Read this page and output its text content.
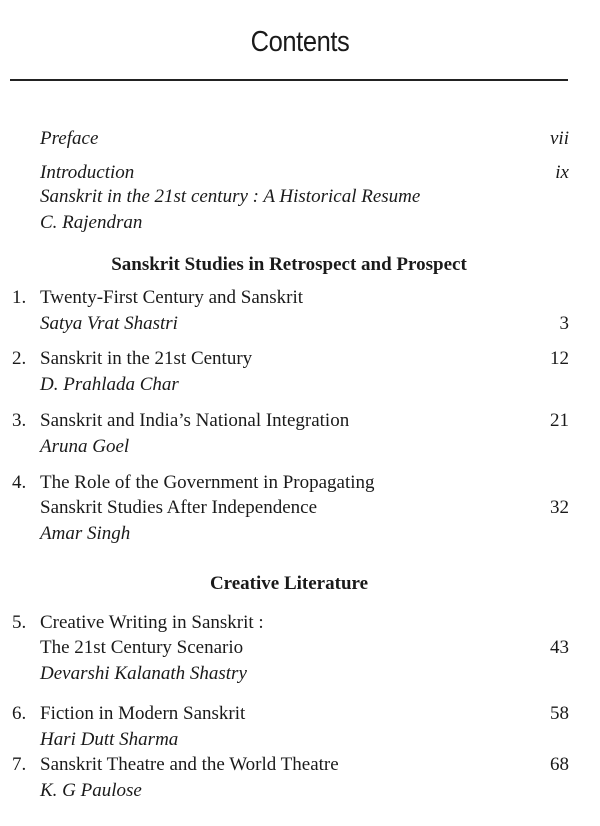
Contents
Preface	vii
Introduction	ix
Sanskrit in the 21st century : A Historical Resume
C. Rajendran
Sanskrit Studies in Retrospect and Prospect
1. Twenty-First Century and Sanskrit
Satya Vrat Shastri	3
2. Sanskrit in the 21st Century	12
D. Prahlada Char
3. Sanskrit and India’s National Integration	21
Aruna Goel
4. The Role of the Government in Propagating
Sanskrit Studies After Independence	32
Amar Singh
Creative Literature
5. Creative Writing in Sanskrit :
The 21st Century Scenario	43
Devarshi Kalanath Shastry
6. Fiction in Modern Sanskrit	58
Hari Dutt Sharma
7. Sanskrit Theatre and the World Theatre	68
K. G Paulose
